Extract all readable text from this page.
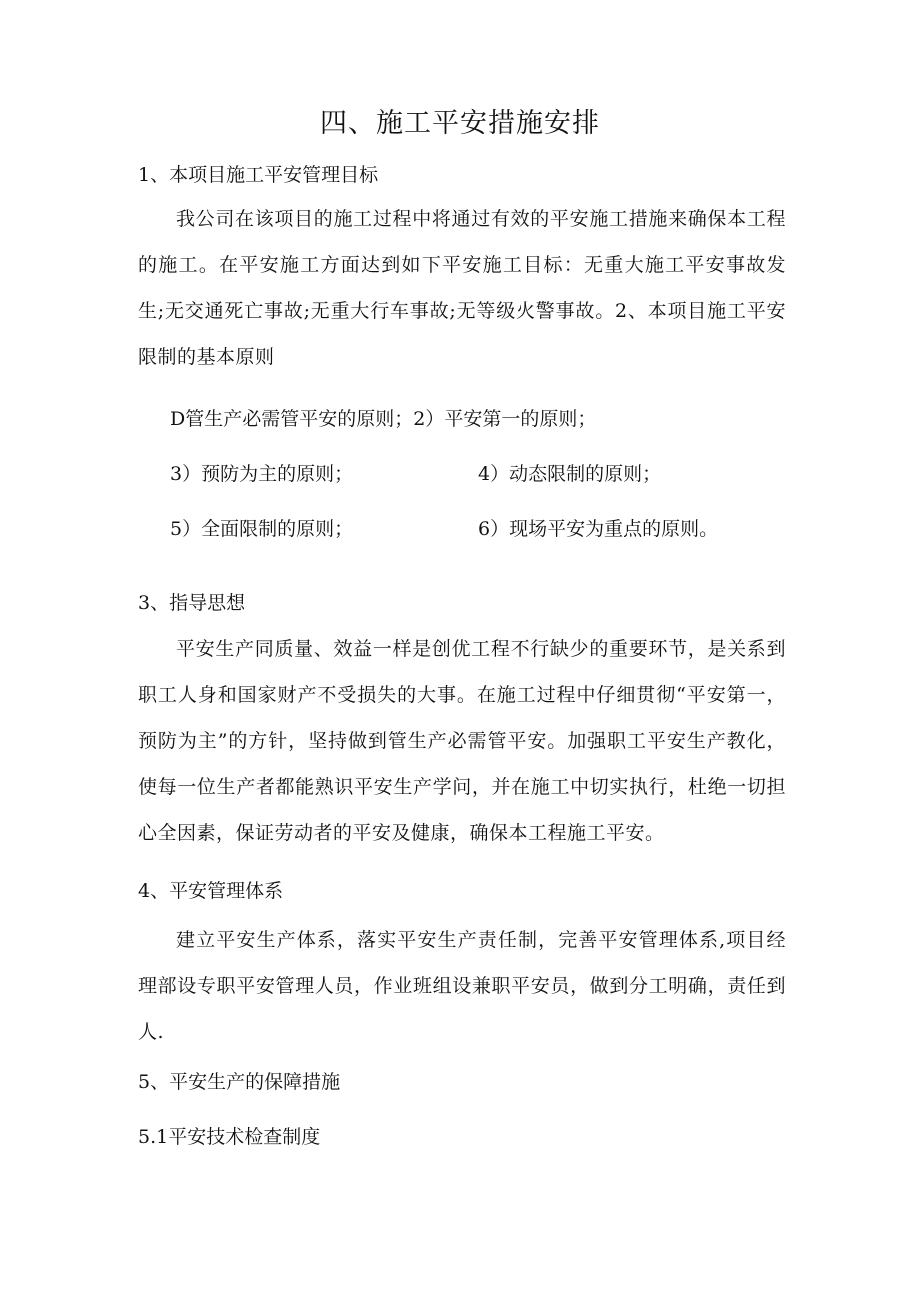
四、施工平安措施安排
1、本项目施工平安管理目标
我公司在该项目的施工过程中将通过有效的平安施工措施来确保本工程的施工。在平安施工方面达到如下平安施工目标：无重大施工平安事故发生;无交通死亡事故;无重大行车事故;无等级火警事故。2、本项目施工平安限制的基本原则
D管生产必需管平安的原则；2）平安第一的原则；
3）预防为主的原则；	4）动态限制的原则；
5）全面限制的原则；	6）现场平安为重点的原则。
3、指导思想
平安生产同质量、效益一样是创优工程不行缺少的重要环节，是关系到职工人身和国家财产不受损失的大事。在施工过程中仔细贯彻“平安第一，预防为主”的方针，坚持做到管生产必需管平安。加强职工平安生产教化，使每一位生产者都能熟识平安生产学问，并在施工中切实执行，杜绝一切担心全因素，保证劳动者的平安及健康，确保本工程施工平安。
4、平安管理体系
建立平安生产体系，落实平安生产责任制，完善平安管理体系,项目经理部设专职平安管理人员，作业班组设兼职平安员，做到分工明确，责任到人.
5、平安生产的保障措施
5.1平安技术检查制度
